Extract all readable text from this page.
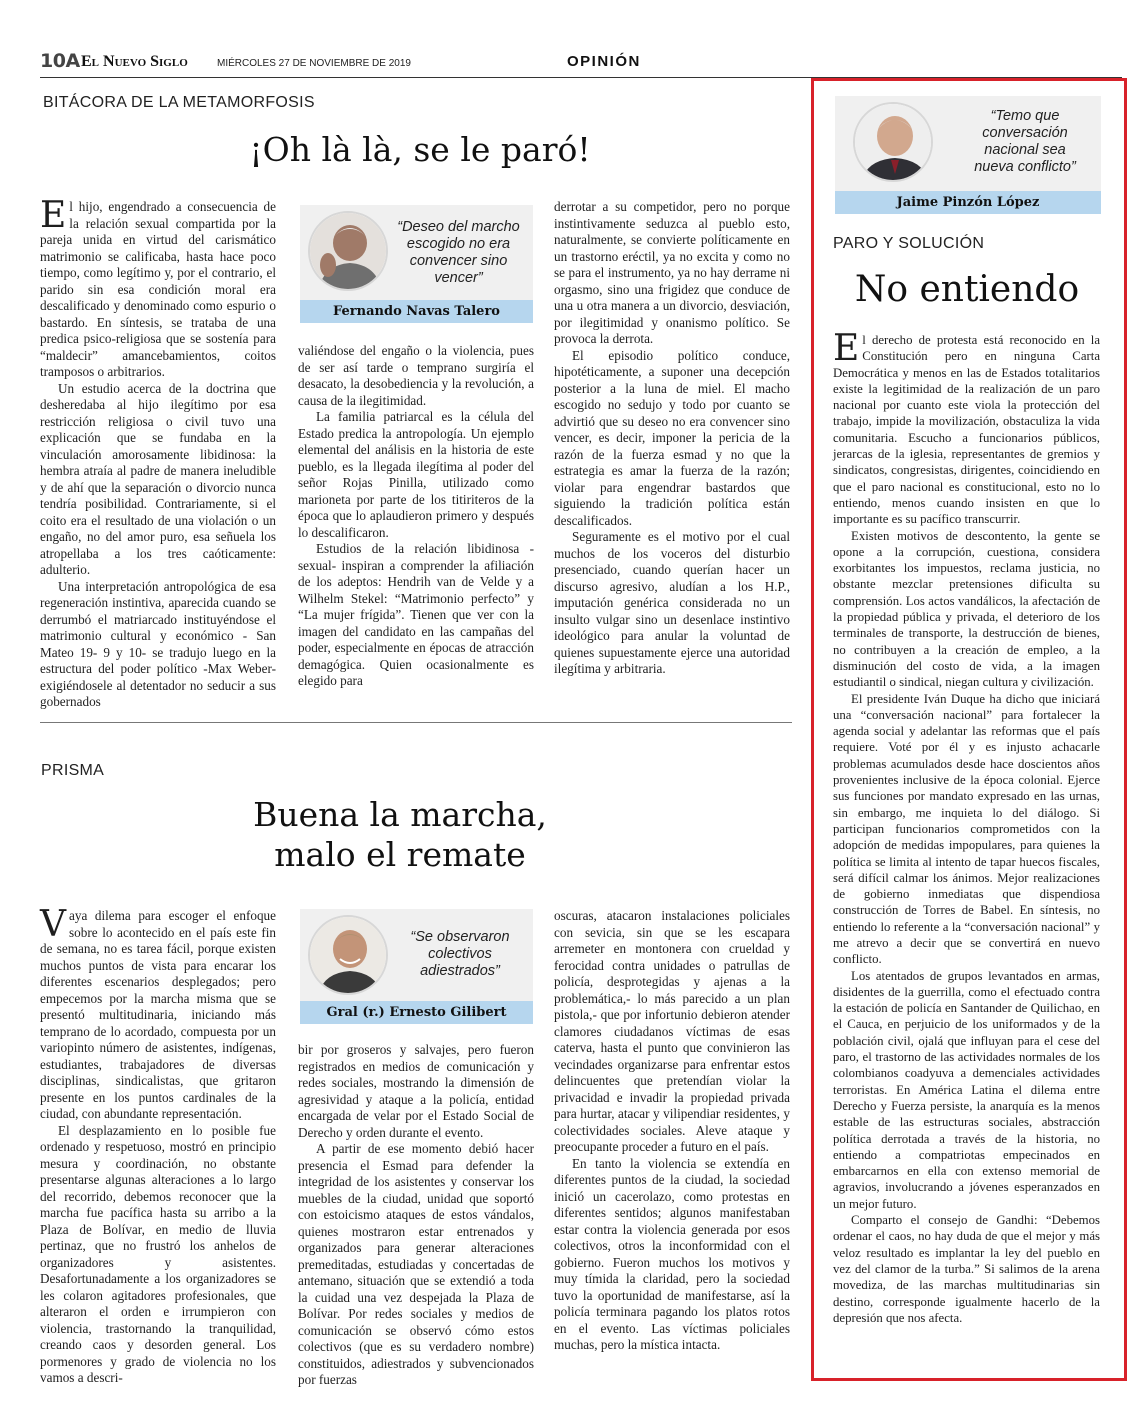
10A El Nuevo Siglo	MIÉRCOLES 27 DE NOVIEMBRE DE 2019	OPINIÓN
BITÁCORA DE LA METAMORFOSIS
¡Oh là là, se le paró!

El hijo, engendrado a consecuencia de la relación sexual compartida por la pareja unida en virtud del carismático matrimonio se calificaba, hasta hace poco tiempo, como legítimo y, por el contrario, el parido sin esa condición moral era descalificado y denominado como espurio o bastardo. En síntesis, se trataba de una predica psico-religiosa que se sostenía para “maldecir” amancebamientos, coitos tramposos o arbitrarios.

Un estudio acerca de la doctrina que desheredaba al hijo ilegítimo por esa restricción religiosa o civil tuvo una explicación que se fundaba en la vinculación amorosamente libidinosa: la hembra atraía al padre de manera ineludible y de ahí que la separación o divorcio nunca tendría posibilidad. Contrariamente, si el coito era el resultado de una violación o un engaño, no del amor puro, esa señuela los atropellaba a los tres caóticamente: adulterio.

Una interpretación antropológica de esa regeneración instintiva, aparecida cuando se derrumbó el matriarcado instituyéndose el matrimonio cultural y económico - San Mateo 19- 9 y 10- se tradujo luego en la estructura del poder político -Max Weber- exigiéndosele al detentador no seducir a sus gobernados

“Deseo del marcho escogido no era convencer sino vencer”
Fernando Navas Talero

valiéndose del engaño o la violencia, pues de ser así tarde o temprano surgiría el desacato, la desobediencia y la revolución, a causa de la ilegitimidad.

La familia patriarcal es la célula del Estado predica la antropología. Un ejemplo elemental del análisis en la historia de este pueblo, es la llegada ilegítima al poder del señor Rojas Pinilla, utilizado como marioneta por parte de los titiriteros de la época que lo aplaudieron primero y después lo descalificaron.

Estudios de la relación libidinosa -sexual- inspiran a comprender la afiliación de los adeptos: Hendrih van de Velde y a Wilhelm Stekel: “Matrimonio perfecto” y “La mujer frígida”. Tienen que ver con la imagen del candidato en las campañas del poder, especialmente en épocas de atracción demagógica. Quien ocasionalmente es elegido para

derrotar a su competidor, pero no porque instintivamente seduzca al pueblo esto, naturalmente, se convierte políticamente en un trastorno eréctil, ya no excita y como no se para el instrumento, ya no hay derrame ni orgasmo, sino una frigidez que conduce de una u otra manera a un divorcio, desviación, por ilegitimidad y onanismo político. Se provoca la derrota.

El episodio político conduce, hipotéticamente, a suponer una decepción posterior a la luna de miel. El macho escogido no sedujo y todo por cuanto se advirtió que su deseo no era convencer sino vencer, es decir, imponer la pericia de la razón de la fuerza esmad y no que la estrategia es amar la fuerza de la razón; violar para engendrar bastardos que siguiendo la tradición política están descalificados.

Seguramente es el motivo por el cual muchos de los voceros del disturbio presenciado, cuando querían hacer un discurso agresivo, aludían a los H.P., imputación genérica considerada no un insulto vulgar sino un desenlace instintivo ideológico para anular la voluntad de quienes supuestamente ejerce una autoridad ilegítima y arbitraria.

PRISMA
Buena la marcha,
malo el remate

Vaya dilema para escoger el enfoque sobre lo acontecido en el país este fin de semana, no es tarea fácil, porque existen muchos puntos de vista para encarar los diferentes escenarios desplegados; pero empecemos por la marcha misma que se presentó multitudinaria, iniciando más temprano de lo acordado, compuesta por un variopinto número de asistentes, indígenas, estudiantes, trabajadores de diversas disciplinas, sindicalistas, que gritaron presente en los puntos cardinales de la ciudad, con abundante representación.

El desplazamiento en lo posible fue ordenado y respetuoso, mostró en principio mesura y coordinación, no obstante presentarse algunas alteraciones a lo largo del recorrido, debemos reconocer que la marcha fue pacífica hasta su arribo a la Plaza de Bolívar, en medio de lluvia pertinaz, que no frustró los anhelos de organizadores y asistentes. Desafortunadamente a los organizadores se les colaron agitadores profesionales, que alteraron el orden e irrumpieron con violencia, trastornando la tranquilidad, creando caos y desorden general. Los pormenores y grado de violencia no los vamos a descri-

“Se observaron colectivos adiestrados”
Gral (r.) Ernesto Gilibert

bir por groseros y salvajes, pero fueron registrados en medios de comunicación y redes sociales, mostrando la dimensión de agresividad y ataque a la policía, entidad encargada de velar por el Estado Social de Derecho y orden durante el evento.

A partir de ese momento debió hacer presencia el Esmad para defender la integridad de los asistentes y conservar los muebles de la ciudad, unidad que soportó con estoicismo ataques de estos vándalos, quienes mostraron estar entrenados y organizados para generar alteraciones premeditadas, estudiadas y concertadas de antemano, situación que se extendió a toda la cuidad una vez despejada la Plaza de Bolívar. Por redes sociales y medios de comunicación se observó cómo estos colectivos (que es su verdadero nombre) constituidos, adiestrados y subvencionados por fuerzas

oscuras, atacaron instalaciones policiales con sevicia, sin que se les escapara arremeter en montonera con crueldad y ferocidad contra unidades o patrullas de policía, desprotegidas y ajenas a la problemática,- lo más parecido a un plan pistola,- que por infortunio debieron atender clamores ciudadanos víctimas de esas caterva, hasta el punto que convinieron las vecindades organizarse para enfrentar estos delincuentes que pretendían violar la privacidad e invadir la propiedad privada para hurtar, atacar y vilipendiar residentes, y colectividades sociales. Aleve ataque y preocupante proceder a futuro en el país.

En tanto la violencia se extendía en diferentes puntos de la ciudad, la sociedad inició un cacerolazo, como protestas en diferentes sentidos; algunos manifestaban estar contra la violencia generada por esos colectivos, otros la inconformidad con el gobierno. Fueron muchos los motivos y muy tímida la claridad, pero la sociedad tuvo la oportunidad de manifestarse, así la policía terminara pagando los platos rotos en el evento. Las víctimas policiales muchas, pero la mística intacta.

“Temo que conversación nacional sea nueva conflicto”
Jaime Pinzón López
PARO Y SOLUCIÓN
No entiendo

El derecho de protesta está reconocido en la Constitución pero en ninguna Carta Democrática y menos en las de Estados totalitarios existe la legitimidad de la realización de un paro nacional por cuanto este viola la protección del trabajo, impide la movilización, obstaculiza la vida comunitaria. Escucho a funcionarios públicos, jerarcas de la iglesia, representantes de gremios y sindicatos, congresistas, dirigentes, coincidiendo en que el paro nacional es constitucional, esto no lo entiendo, menos cuando insisten en que lo importante es su pacífico transcurrir.

Existen motivos de descontento, la gente se opone a la corrupción, cuestiona, considera exorbitantes los impuestos, reclama justicia, no obstante mezclar pretensiones dificulta su comprensión. Los actos vandálicos, la afectación de la propiedad pública y privada, el deterioro de los terminales de transporte, la destrucción de bienes, no contribuyen a la creación de empleo, a la disminución del costo de vida, a la imagen estudiantil o sindical, niegan cultura y civilización.

El presidente Iván Duque ha dicho que iniciará una “conversación nacional” para fortalecer la agenda social y adelantar las reformas que el país requiere. Voté por él y es injusto achacarle problemas acumulados desde hace doscientos años provenientes inclusive de la época colonial. Ejerce sus funciones por mandato expresado en las urnas, sin embargo, me inquieta lo del diálogo. Si participan funcionarios comprometidos con la adopción de medidas impopulares, para quienes la política se limita al intento de tapar huecos fiscales, será difícil calmar los ánimos. Mejor realizaciones de gobierno inmediatas que dispendiosa construcción de Torres de Babel. En síntesis, no entiendo lo referente a la “conversación nacional” y me atrevo a decir que se convertirá en nuevo conflicto.

Los atentados de grupos levantados en armas, disidentes de la guerrilla, como el efectuado contra la estación de policía en Santander de Quilichao, en el Cauca, en perjuicio de los uniformados y de la población civil, ojalá que influyan para el cese del paro, el trastorno de las actividades normales de los colombianos coadyuva a demenciales actividades terroristas. En América Latina el dilema entre Derecho y Fuerza persiste, la anarquía es la menos estable de las estructuras sociales, abstracción política derrotada a través de la historia, no entiendo a compatriotas empecinados en embarcarnos en ella con extenso memorial de agravios, involucrando a jóvenes esperanzados en un mejor futuro.

Comparto el consejo de Gandhi: “Debemos ordenar el caos, no hay duda de que el mejor y más veloz resultado es implantar la ley del pueblo en vez del clamor de la turba.” Si salimos de la arena movediza, de las marchas multitudinarias sin destino, corresponde igualmente hacerlo de la depresión que nos afecta.
